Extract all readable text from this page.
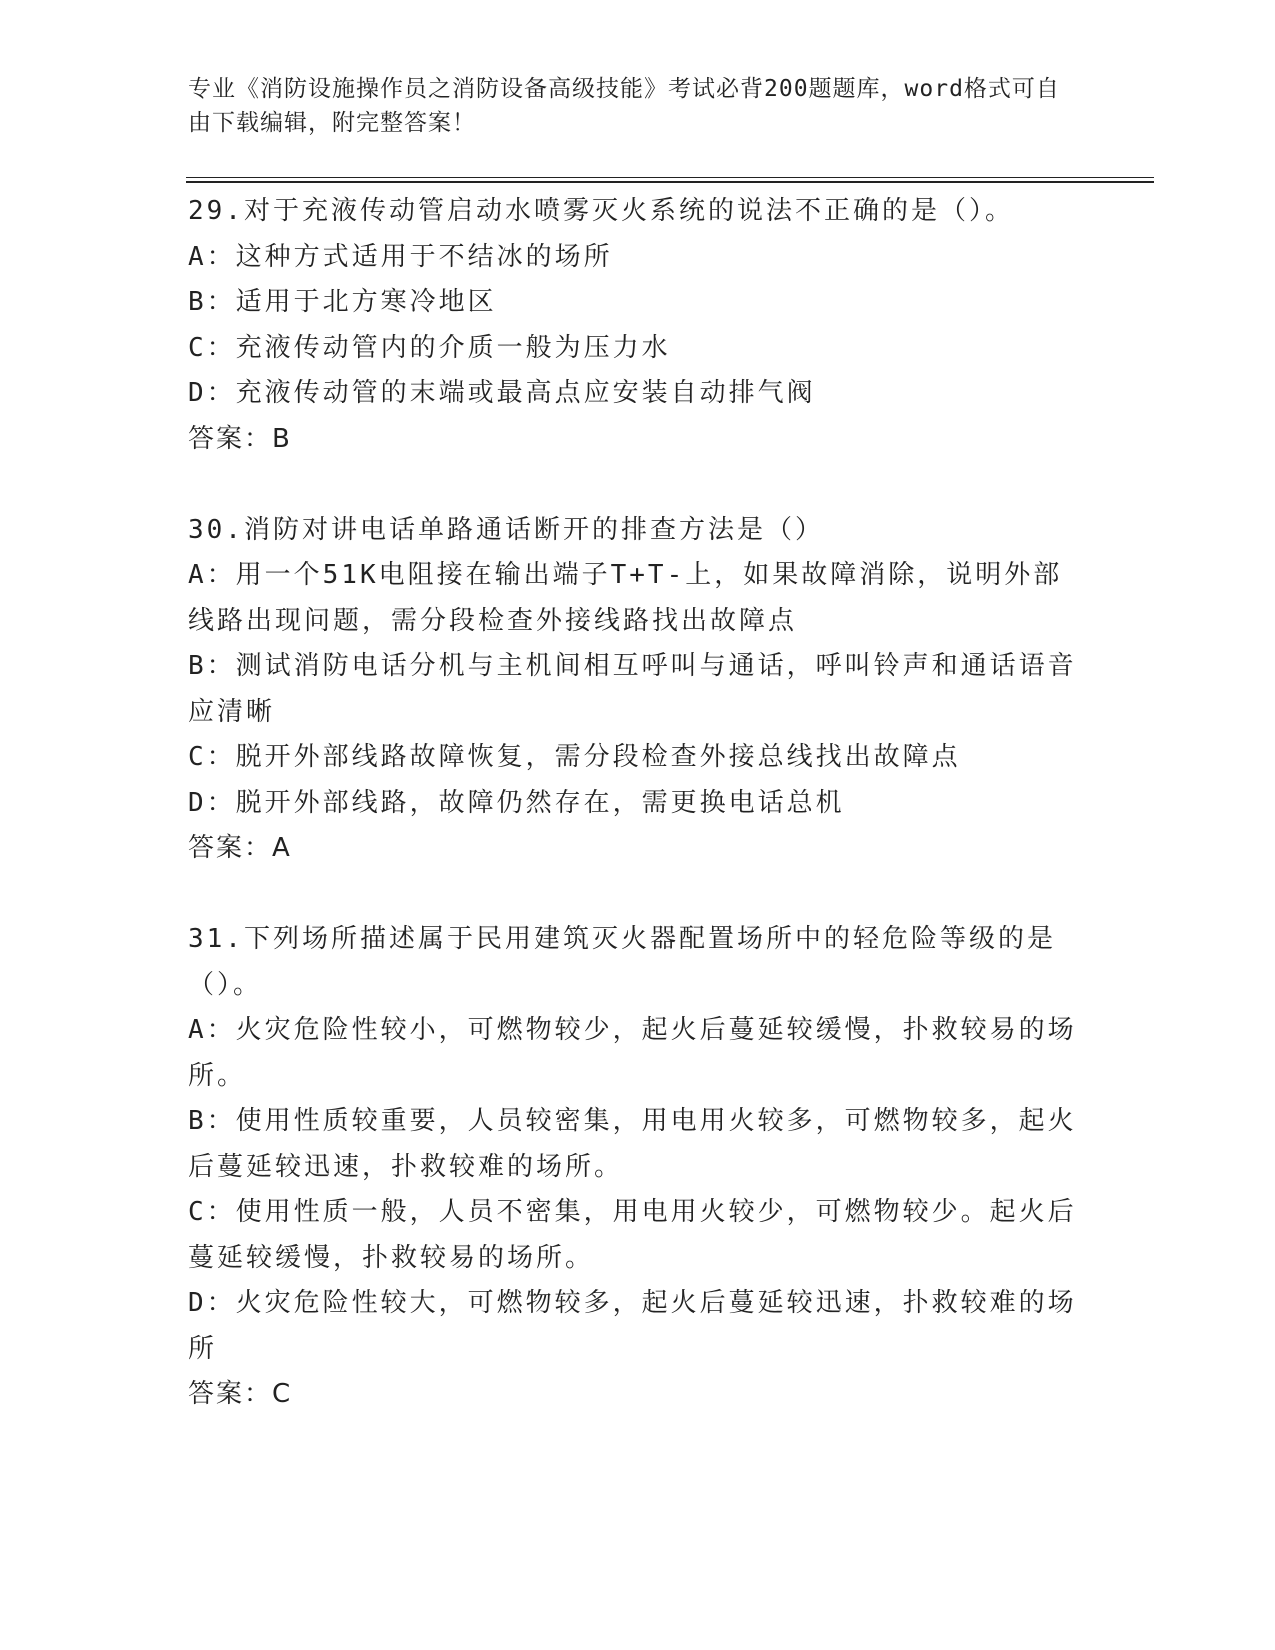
专业《消防设施操作员之消防设备高级技能》考试必背200题题库，word格式可自由下载编辑，附完整答案！

29.对于充液传动管启动水喷雾灭火系统的说法不正确的是（）。

A：这种方式适用于不结冰的场所

B：适用于北方寒冷地区

C：充液传动管内的介质一般为压力水

D：充液传动管的末端或最高点应安装自动排气阀

答案：B

30.消防对讲电话单路通话断开的排查方法是（）

A：用一个51K电阻接在输出端子T+T-上，如果故障消除，说明外部线路出现问题，需分段检查外接线路找出故障点

B：测试消防电话分机与主机间相互呼叫与通话，呼叫铃声和通话语音应清晰

C：脱开外部线路故障恢复，需分段检查外接总线找出故障点

D：脱开外部线路，故障仍然存在，需更换电话总机

答案：A

31.下列场所描述属于民用建筑灭火器配置场所中的轻危险等级的是（）。

A：火灾危险性较小，可燃物较少，起火后蔓延较缓慢，扑救较易的场所。

B：使用性质较重要，人员较密集，用电用火较多，可燃物较多，起火后蔓延较迅速，扑救较难的场所。

C：使用性质一般，人员不密集，用电用火较少，可燃物较少。起火后蔓延较缓慢，扑救较易的场所。

D：火灾危险性较大，可燃物较多，起火后蔓延较迅速，扑救较难的场所

答案：C
